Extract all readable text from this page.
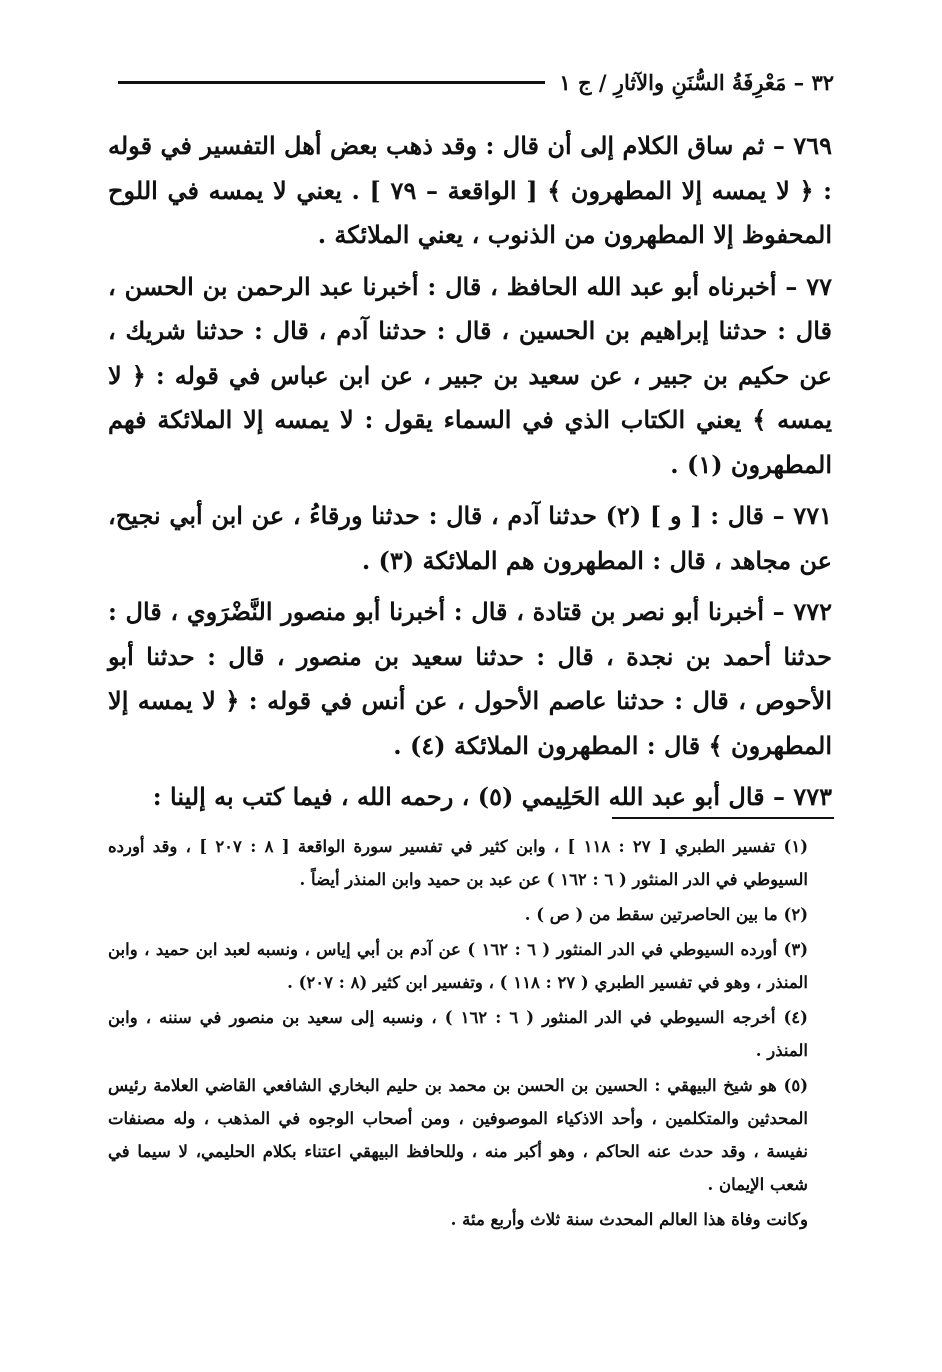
٣٢ – مَعْرِفَةُ السُّنَنِ والآثارِ / ج ١

٧٦٩ – ثم ساق الكلام إلى أن قال : وقد ذهب بعض أهل التفسير في قوله : ﴿ لا يمسه إلا المطهرون ﴾ [ الواقعة – ٧٩ ] . يعني لا يمسه في اللوح المحفوظ إلا المطهرون من الذنوب ، يعني الملائكة .

٧٧ – أخبرناه أبو عبد الله الحافظ ، قال : أخبرنا عبد الرحمن بن الحسن ، قال : حدثنا إبراهيم بن الحسين ، قال : حدثنا آدم ، قال : حدثنا شريك ، عن حكيم بن جبير ، عن سعيد بن جبير ، عن ابن عباس في قوله : ﴿ لا يمسه ﴾ يعني الكتاب الذي في السماء يقول : لا يمسه إلا الملائكة فهم المطهرون (١) .

٧٧١ – قال : [ و ] (٢) حدثنا آدم ، قال : حدثنا ورقاءُ ، عن ابن أبي نجيح، عن مجاهد ، قال : المطهرون هم الملائكة (٣) .

٧٧٢ – أخبرنا أبو نصر بن قتادة ، قال : أخبرنا أبو منصور النَّضْرَوي ، قال : حدثنا أحمد بن نجدة ، قال : حدثنا سعيد بن منصور ، قال : حدثنا أبو الأحوص ، قال : حدثنا عاصم الأحول ، عن أنس في قوله : ﴿ لا يمسه إلا المطهرون ﴾ قال : المطهرون الملائكة (٤) .

٧٧٣ – قال أبو عبد الله الحَلِيمي (٥) ، رحمه الله ، فيما كتب به إلينا :

(١) تفسير الطبري [ ٢٧ : ١١٨ ] ، وابن كثير في تفسير سورة الواقعة [ ٨ : ٢٠٧ ] ، وقد أورده السيوطي في الدر المنثور ( ٦ : ١٦٢ ) عن عبد بن حميد وابن المنذر أيضاً .

(٢) ما بين الحاصرتين سقط من ( ص ) .

(٣) أورده السيوطي في الدر المنثور ( ٦ : ١٦٢ ) عن آدم بن أبي إياس ، ونسبه لعبد ابن حميد ، وابن المنذر ، وهو في تفسير الطبري ( ٢٧ : ١١٨ ) ، وتفسير ابن كثير (٨ : ٢٠٧) .

(٤) أخرجه السيوطي في الدر المنثور ( ٦ : ١٦٢ ) ، ونسبه إلى سعيد بن منصور في سننه ، وابن المنذر .

(٥) هو شيخ البيهقي : الحسين بن الحسن بن محمد بن حليم البخاري الشافعي القاضي العلامة رئيس المحدثين والمتكلمين ، وأحد الاذكياء الموصوفين ، ومن أصحاب الوجوه في المذهب ، وله مصنفات نفيسة ، وقد حدث عنه الحاكم ، وهو أكبر منه ، وللحافظ البيهقي اعتناء بكلام الحليمي، لا سيما في شعب الإيمان .

وكانت وفاة هذا العالم المحدث سنة ثلاث وأربع مئة .
